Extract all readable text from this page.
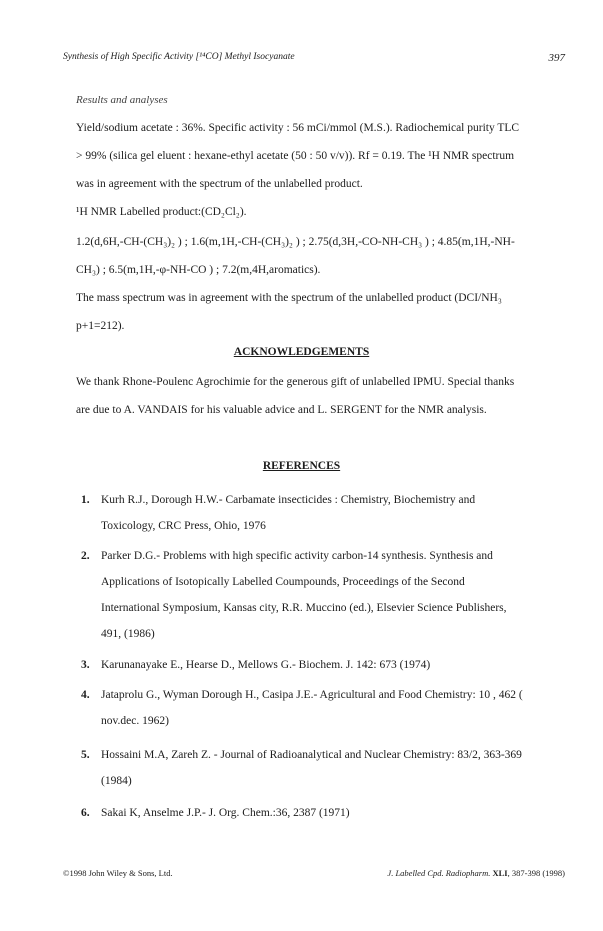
Synthesis of High Specific Activity [¹⁴CO] Methyl Isocyanate	397
Results and analyses
Yield/sodium acetate : 36%. Specific activity : 56 mCi/mmol (M.S.). Radiochemical purity TLC
> 99% (silica gel eluent : hexane-ethyl acetate (50 : 50 v/v)). Rf = 0.19. The ¹H NMR spectrum
was in agreement with the spectrum of the unlabelled product.
¹H NMR Labelled product:(CD₂Cl₂).
1.2(d,6H,-CH-(CH₃)₂ ) ; 1.6(m,1H,-CH-(CH₃)₂ ) ; 2.75(d,3H,-CO-NH-CH₃ ) ; 4.85(m,1H,-NH-
CH₃) ; 6.5(m,1H,-φ-NH-CO ) ; 7.2(m,4H,aromatics).
The mass spectrum was in agreement with the spectrum of the unlabelled product (DCI/NH₃
p+1=212).
ACKNOWLEDGEMENTS
We thank Rhone-Poulenc Agrochimie for the generous gift of unlabelled IPMU. Special thanks
are due to A. VANDAIS for his valuable advice and L. SERGENT for the NMR analysis.
REFERENCES
1. Kurh R.J., Dorough H.W.- Carbamate insecticides : Chemistry, Biochemistry and
Toxicology, CRC Press, Ohio, 1976
2. Parker D.G.- Problems with high specific activity carbon-14 synthesis. Synthesis and
Applications of Isotopically Labelled Coumpounds, Proceedings of the Second
International Symposium, Kansas city, R.R. Muccino (ed.), Elsevier Science Publishers,
491, (1986)
3. Karunanayake E., Hearse D., Mellows G.- Biochem. J. 142: 673 (1974)
4. Jataprolu G., Wyman Dorough H., Casipa J.E.- Agricultural and Food Chemistry: 10 , 462 (
nov.dec. 1962)
5. Hossaini M.A, Zareh Z. - Journal of Radioanalytical and Nuclear Chemistry: 83/2, 363-369
(1984)
6. Sakai K, Anselme J.P.- J. Org. Chem.:36, 2387 (1971)
©1998 John Wiley & Sons, Ltd.	J. Labelled Cpd. Radiopharm. XLI, 387-398 (1998)
